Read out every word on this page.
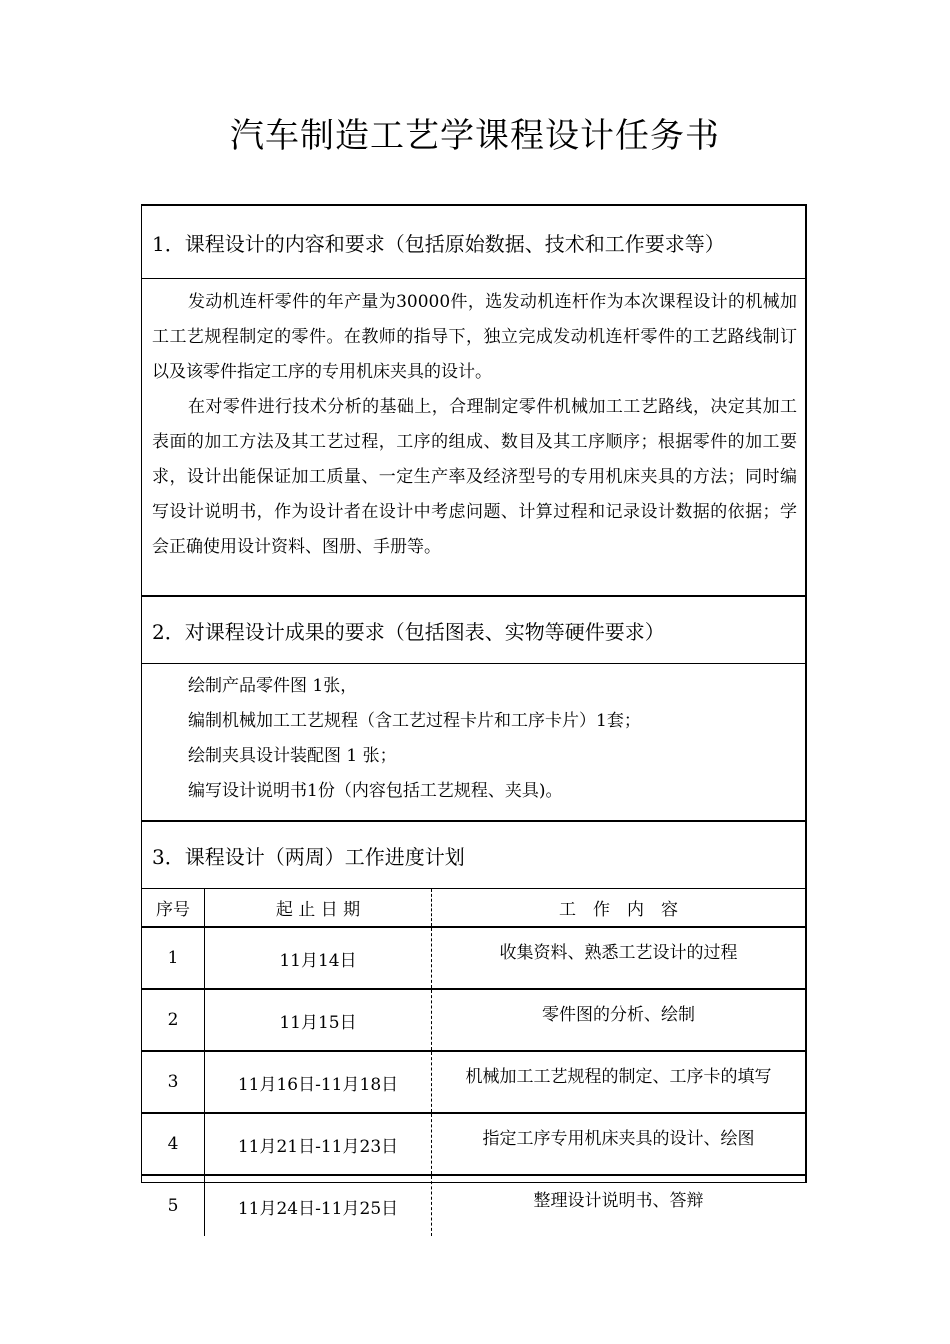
汽车制造工艺学课程设计任务书
1．课程设计的内容和要求（包括原始数据、技术和工作要求等）

发动机连杆零件的年产量为30000件，选发动机连杆作为本次课程设计的机械加工工艺规程制定的零件。在教师的指导下，独立完成发动机连杆零件的工艺路线制订以及该零件指定工序的专用机床夹具的设计。

在对零件进行技术分析的基础上，合理制定零件机械加工工艺路线，决定其加工表面的加工方法及其工艺过程，工序的组成、数目及其工序顺序；根据零件的加工要求，设计出能保证加工质量、一定生产率及经济型号的专用机床夹具的方法；同时编写设计说明书，作为设计者在设计中考虑问题、计算过程和记录设计数据的依据；学会正确使用设计资料、图册、手册等。

2．对课程设计成果的要求（包括图表、实物等硬件要求）

绘制产品零件图 1张，

编制机械加工工艺规程（含工艺过程卡片和工序卡片）1套；

绘制夹具设计装配图 1 张；

编写设计说明书1份（内容包括工艺规程、夹具)。

3．课程设计（两周）工作进度计划
序号	起 止 日 期	工　作　内　容
1	11月14日	收集资料、熟悉工艺设计的过程
2	11月15日	零件图的分析、绘制
3	11月16日-11月18日	机械加工工艺规程的制定、工序卡的填写
4	11月21日-11月23日	指定工序专用机床夹具的设计、绘图
5	11月24日-11月25日	整理设计说明书、答辩
